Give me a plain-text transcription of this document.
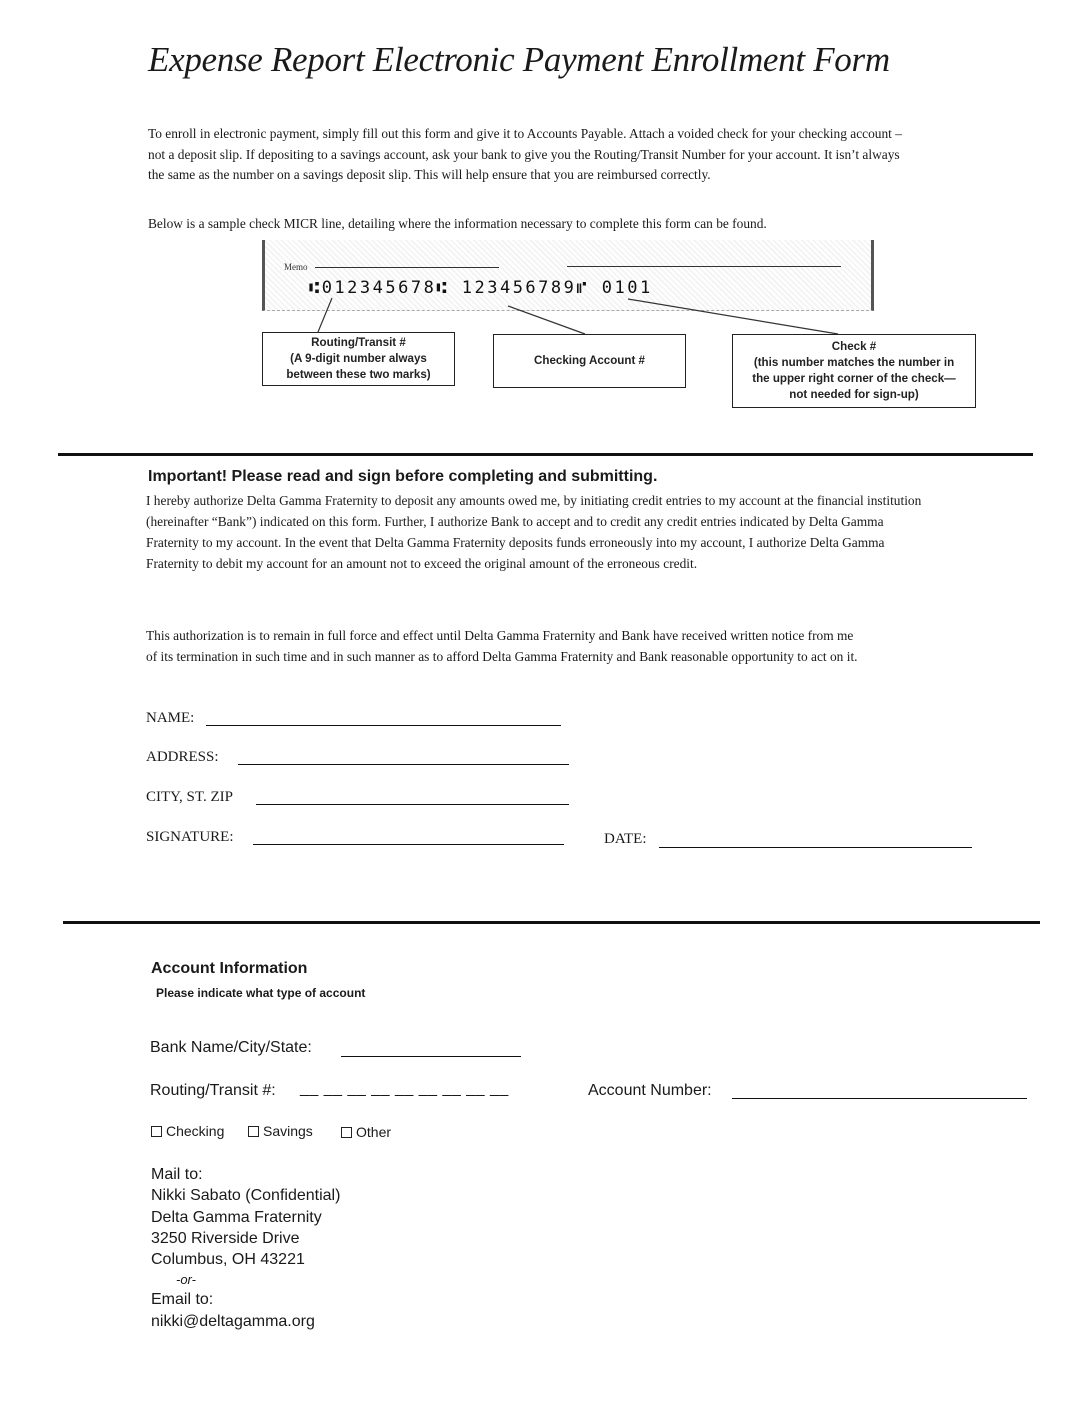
Expense Report Electronic Payment Enrollment Form

To enroll in electronic payment, simply fill out this form and give it to Accounts Payable. Attach a voided check for your checking account – not a deposit slip. If depositing to a savings account, ask your bank to give you the Routing/Transit Number for your account. It isn’t always the same as the number on a savings deposit slip. This will help ensure that you are reimbursed correctly.

Below is a sample check MICR line, detailing where the information necessary to complete this form can be found.
Memo
⑆012345678⑆ 123456789⑈ 0101
Routing/Transit #
(A 9-digit number always
between these two marks)
Checking Account #
Check #
(this number matches the number in
the upper right corner of the check—
not needed for sign-up)
Important! Please read and sign before completing and submitting.
I hereby authorize Delta Gamma Fraternity to deposit any amounts owed me, by initiating credit entries to my account at the financial institution (hereinafter “Bank”) indicated on this form. Further, I authorize Bank to accept and to credit any credit entries indicated by Delta Gamma Fraternity to my account. In the event that Delta Gamma Fraternity deposits funds erroneously into my account, I authorize Delta Gamma Fraternity to debit my account for an amount not to exceed the original amount of the erroneous credit.
This authorization is to remain in full force and effect until Delta Gamma Fraternity and Bank have received written notice from me of its termination in such time and in such manner as to afford Delta Gamma Fraternity and Bank reasonable opportunity to act on it.
NAME:
ADDRESS:
CITY, ST. ZIP
SIGNATURE:	DATE:
Account Information
Please indicate what type of account
Bank Name/City/State:
Routing/Transit #: __ __ __ __ __ __ __ __ __	Account Number:
Checking	Savings	Other
Mail to:
Nikki Sabato (Confidential)
Delta Gamma Fraternity
3250 Riverside Drive
Columbus, OH 43221
-or-
Email to:
nikki@deltagamma.org
